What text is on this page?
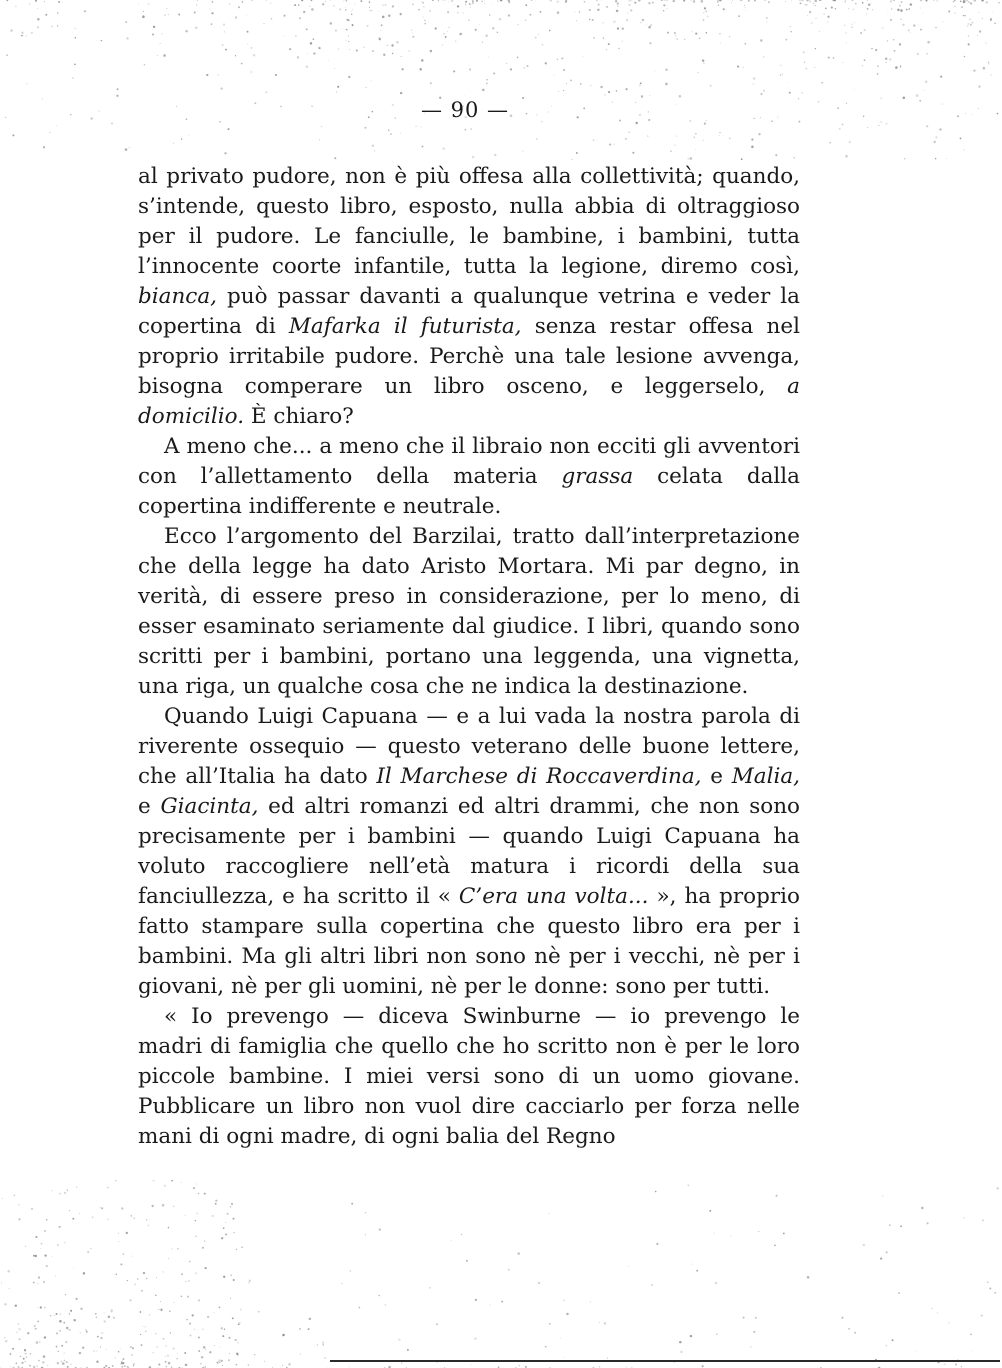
— 90 —

al privato pudore, non è più offesa alla collettività; quando, s’intende, questo libro, esposto, nulla abbia di oltraggioso per il pudore. Le fanciulle, le bambine, i bambini, tutta l’innocente coorte infantile, tutta la legione, diremo così, bianca, può passar davanti a qualunque vetrina e veder la copertina di Mafarka il futurista, senza restar offesa nel proprio irritabile pudore. Perchè una tale lesione avvenga, bisogna comperare un libro osceno, e leggerselo, a domicilio. È chiaro?

A meno che... a meno che il libraio non ecciti gli avventori con l’allettamento della materia grassa celata dalla copertina indifferente e neutrale.

Ecco l’argomento del Barzilai, tratto dall’interpretazione che della legge ha dato Aristo Mortara. Mi par degno, in verità, di essere preso in considerazione, per lo meno, di esser esaminato seriamente dal giudice. I libri, quando sono scritti per i bambini, portano una leggenda, una vignetta, una riga, un qualche cosa che ne indica la destinazione.

Quando Luigi Capuana — e a lui vada la nostra parola di riverente ossequio — questo veterano delle buone lettere, che all’Italia ha dato Il Marchese di Roccaverdina, e Malia, e Giacinta, ed altri romanzi ed altri drammi, che non sono precisamente per i bambini — quando Luigi Capuana ha voluto raccogliere nell’età matura i ricordi della sua fanciullezza, e ha scritto il « C’era una volta... », ha proprio fatto stampare sulla copertina che questo libro era per i bambini. Ma gli altri libri non sono nè per i vecchi, nè per i giovani, nè per gli uomini, nè per le donne: sono per tutti.

« Io prevengo — diceva Swinburne — io prevengo le madri di famiglia che quello che ho scritto non è per le loro piccole bambine. I miei versi sono di un uomo giovane. Pubblicare un libro non vuol dire cacciarlo per forza nelle mani di ogni madre, di ogni balia del Regno
